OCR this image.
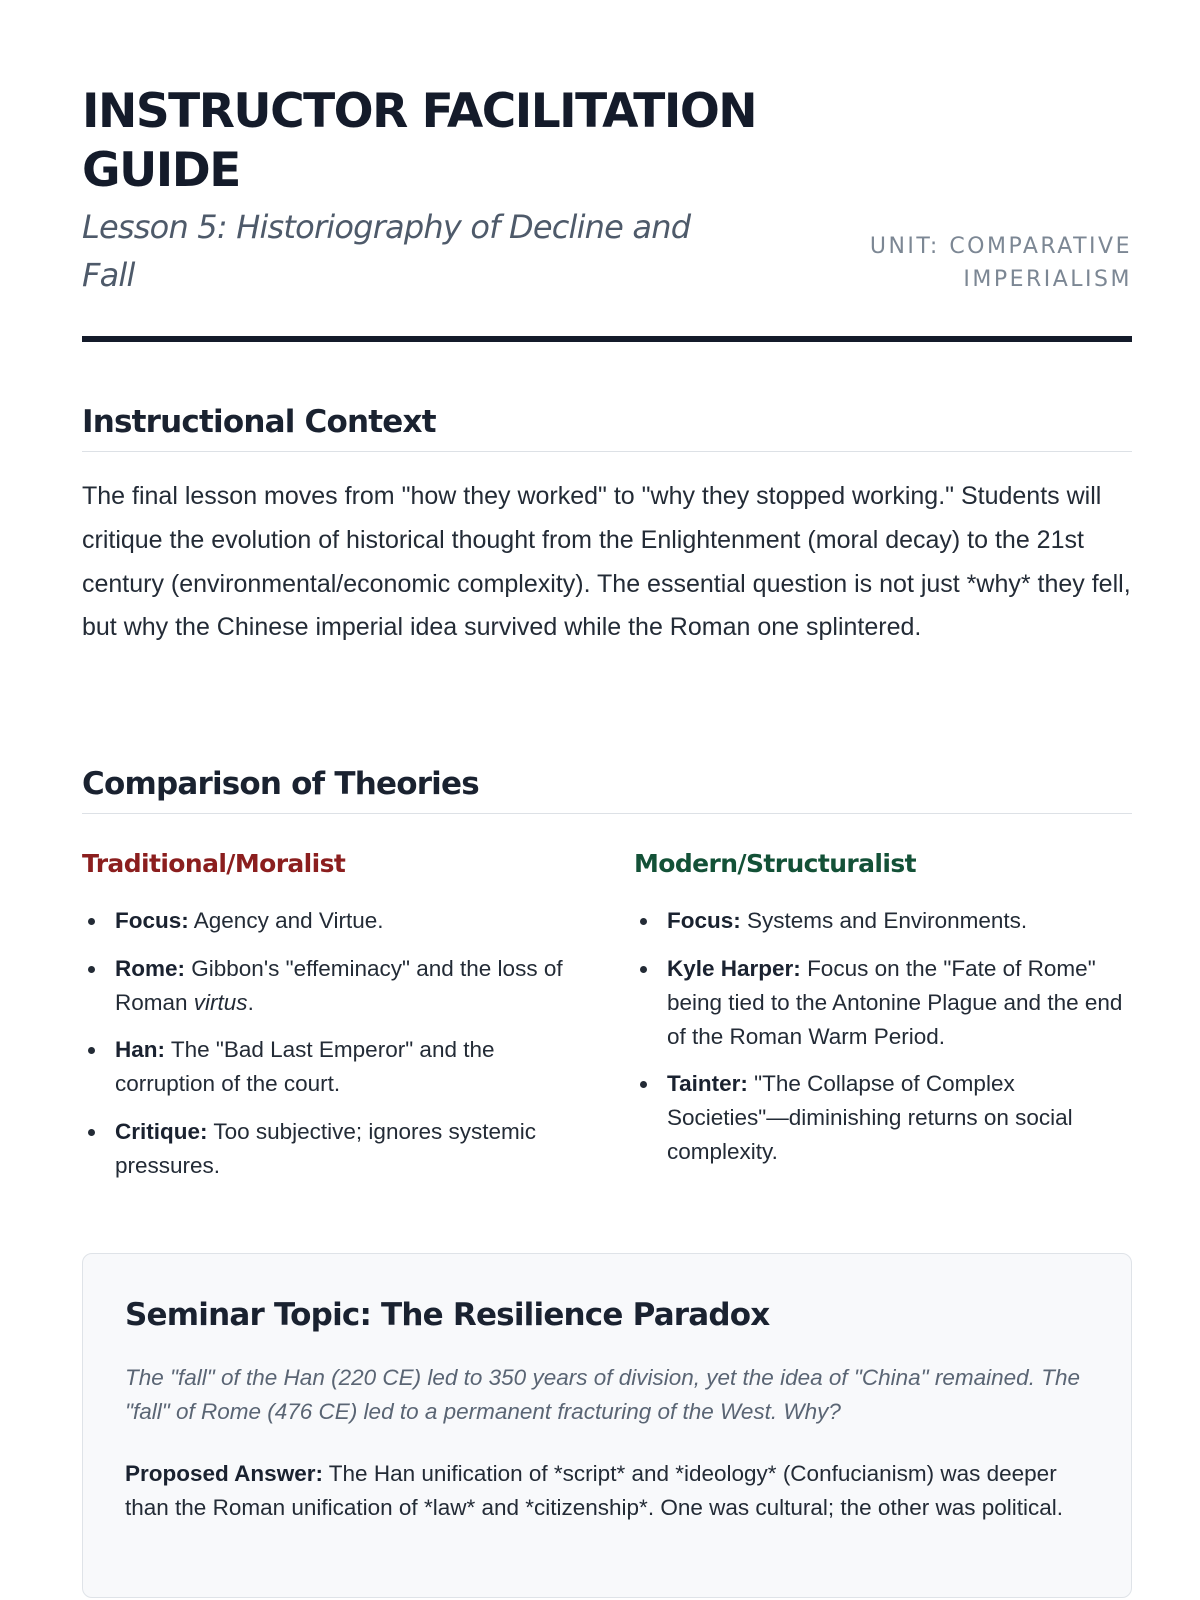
INSTRUCTOR FACILITATION GUIDE

Lesson 5: Historiography of Decline and Fall

UNIT: COMPARATIVE IMPERIALISM
Instructional Context

The final lesson moves from "how they worked" to "why they stopped working." Students will critique the evolution of historical thought from the Enlightenment (moral decay) to the 21st century (environmental/economic complexity). The essential question is not just *why* they fell, but why the Chinese imperial idea survived while the Roman one splintered.

Comparison of Theories
Traditional/Moralist
Focus: Agency and Virtue.
Rome: Gibbon's "effeminacy" and the loss of Roman virtus.
Han: The "Bad Last Emperor" and the corruption of the court.
Critique: Too subjective; ignores systemic pressures.
Modern/Structuralist
Focus: Systems and Environments.
Kyle Harper: Focus on the "Fate of Rome" being tied to the Antonine Plague and the end of the Roman Warm Period.
Tainter: "The Collapse of Complex Societies"—diminishing returns on social complexity.
Seminar Topic: The Resilience Paradox

The "fall" of the Han (220 CE) led to 350 years of division, yet the idea of "China" remained. The "fall" of Rome (476 CE) led to a permanent fracturing of the West. Why?

Proposed Answer: The Han unification of *script* and *ideology* (Confucianism) was deeper than the Roman unification of *law* and *citizenship*. One was cultural; the other was political.
